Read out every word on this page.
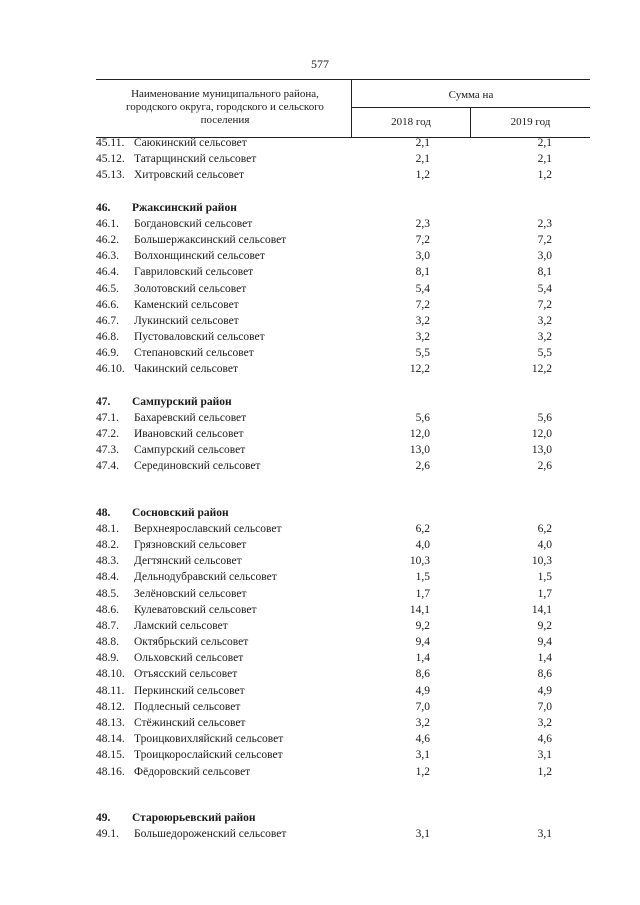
577
Наименование муниципального района, городского округа, городского и сельского поселения
Сумма на
2018 год	2019 год
45.11. Саюкинский сельсовет	2,1	2,1
45.12. Татарщинский сельсовет	2,1	2,1
45.13. Хитровский сельсовет	1,2	1,2
46.	Ржаксинский район
46.1.	Богдановский сельсовет	2,3	2,3
46.2.	Большержаксинский сельсовет	7,2	7,2
46.3.	Волхонщинский сельсовет	3,0	3,0
46.4.	Гавриловский сельсовет	8,1	8,1
46.5.	Золотовский сельсовет	5,4	5,4
46.6.	Каменский сельсовет	7,2	7,2
46.7.	Лукинский сельсовет	3,2	3,2
46.8.	Пустоваловский сельсовет	3,2	3,2
46.9.	Степановский сельсовет	5,5	5,5
46.10. Чакинский сельсовет	12,2	12,2
47.	Сампурский район
47.1.	Бахаревский сельсовет	5,6	5,6
47.2.	Ивановский сельсовет	12,0	12,0
47.3.	Сампурский сельсовет	13,0	13,0
47.4.	Серединовский сельсовет	2,6	2,6
48.	Сосновский район
48.1.	Верхнеярославский сельсовет	6,2	6,2
48.2.	Грязновский сельсовет	4,0	4,0
48.3.	Дегтянский сельсовет	10,3	10,3
48.4.	Дельнодубравский сельсовет	1,5	1,5
48.5.	Зелёновский сельсовет	1,7	1,7
48.6.	Кулеватовский сельсовет	14,1	14,1
48.7.	Ламский сельсовет	9,2	9,2
48.8.	Октябрьский сельсовет	9,4	9,4
48.9.	Ольховский сельсовет	1,4	1,4
48.10. Отъясский сельсовет	8,6	8,6
48.11. Перкинский сельсовет	4,9	4,9
48.12. Подлесный сельсовет	7,0	7,0
48.13. Стёжинский сельсовет	3,2	3,2
48.14. Троицковихляйский сельсовет	4,6	4,6
48.15. Троицкорослайский сельсовет	3,1	3,1
48.16. Фёдоровский сельсовет	1,2	1,2
49.	Староюрьевский район
49.1.	Большедороженский сельсовет	3,1	3,1
